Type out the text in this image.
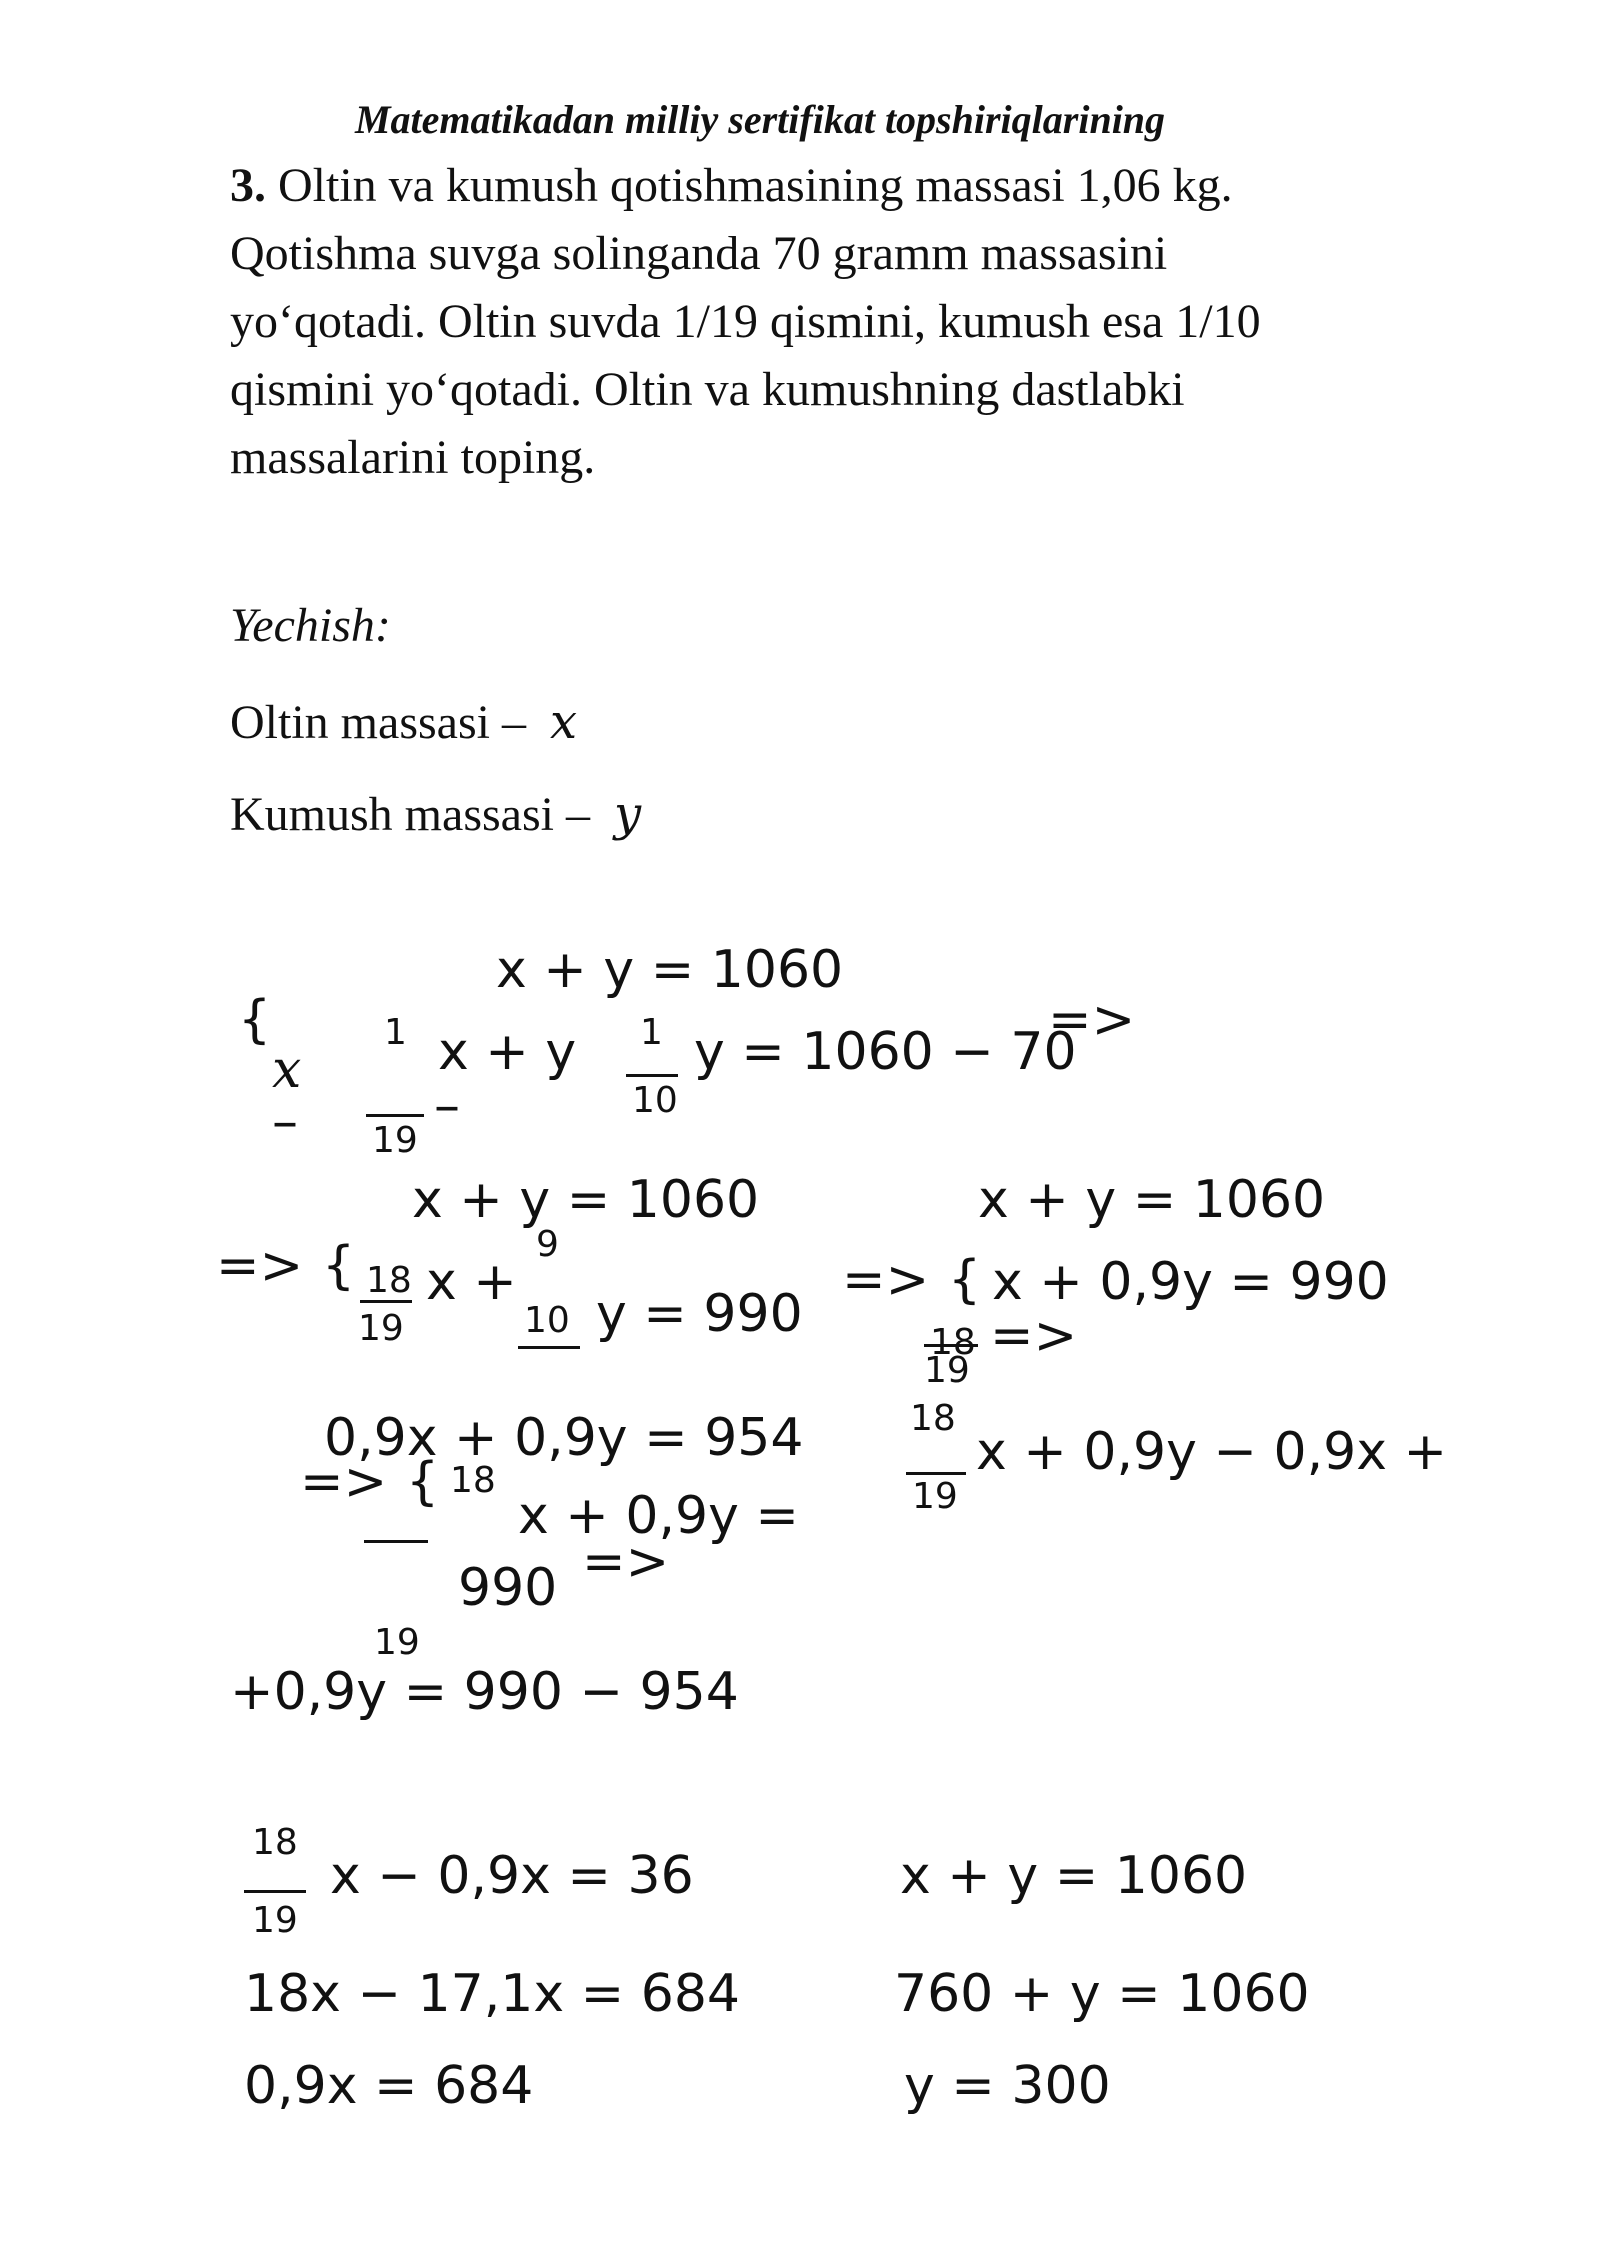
Matematikadan milliy sertifikat topshiriqlarining
3. Oltin va kumush qotishmasining massasi 1,06 kg.
Qotishma suvga solinganda 70 gramm massasini
yo‘qotadi. Oltin suvda 1/19 qismini, kumush esa 1/10
qismini yo‘qotadi. Oltin va kumushning dastlabki
massalarini toping.
Yechish:
Oltin massasi – x
Kumush massasi – y
x + y = 1060
{
x
–
1
19
–
x + y 1
10
y = 1060 − 70
=>
x + y = 1060
9
=> { 18
19
x +
10 y = 990
x + y = 1060
=> { x + 0,9y = 990
18
19
=>
0,9x + 0,9y = 954
=> { 18
19
x + 0,9y =
=>
990
18
19
x + 0,9y − 0,9x +
+0,9y = 990 − 954
18
19
x − 0,9x = 36
18x − 17,1x = 684
0,9x = 684
x + y = 1060
760 + y = 1060
y = 300
